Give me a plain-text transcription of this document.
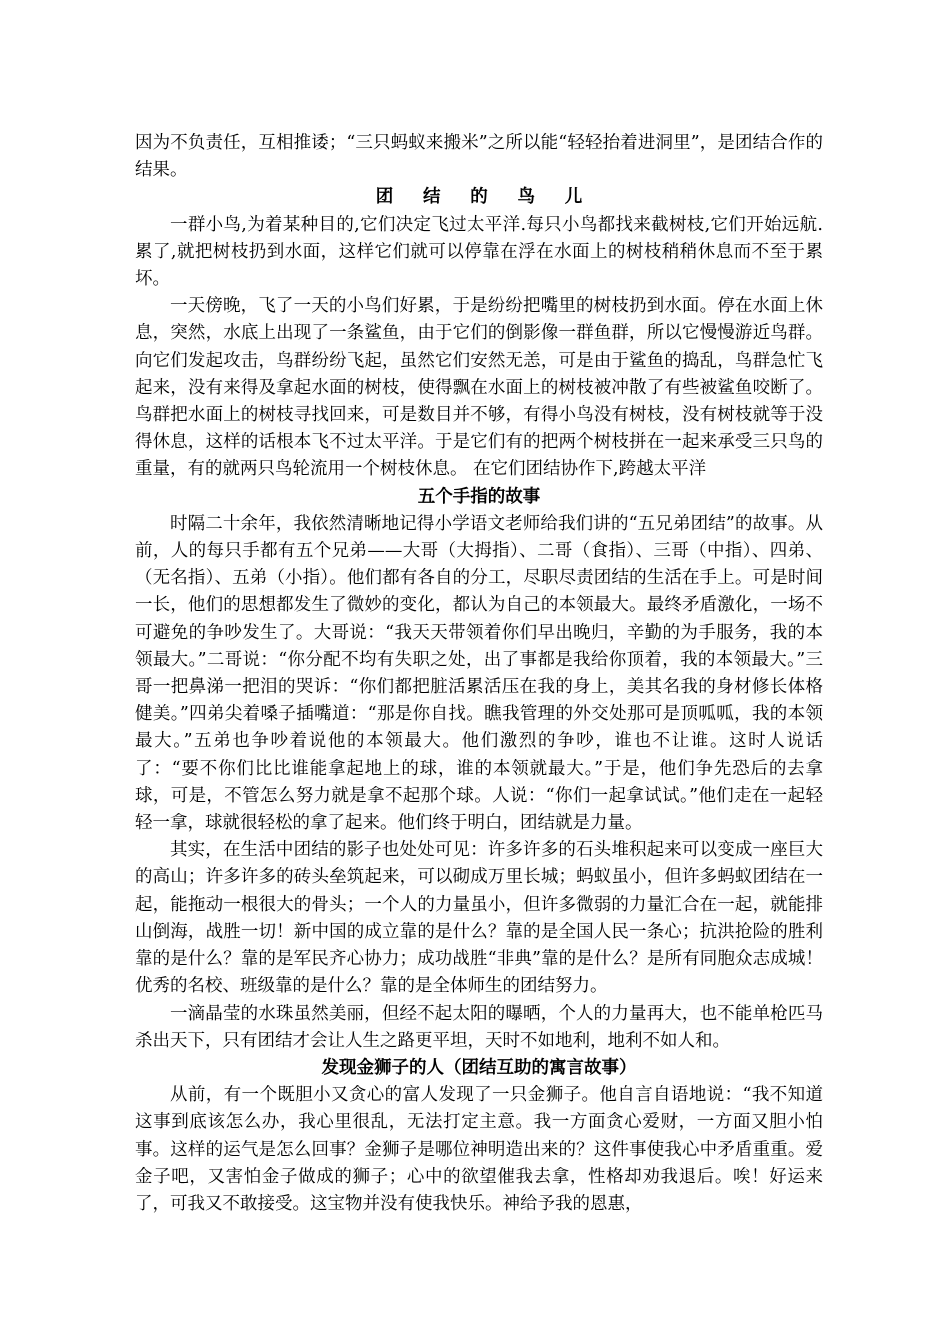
因为不负责任，互相推诿；“三只蚂蚁来搬米”之所以能“轻轻抬着进洞里”，是团结合作的结果。

团结的鸟儿

一群小鸟,为着某种目的,它们决定飞过太平洋.每只小鸟都找来截树枝,它们开始远航.累了,就把树枝扔到水面，这样它们就可以停靠在浮在水面上的树枝稍稍休息而不至于累坏。

一天傍晚，飞了一天的小鸟们好累，于是纷纷把嘴里的树枝扔到水面。停在水面上休息，突然，水底上出现了一条鲨鱼，由于它们的倒影像一群鱼群，所以它慢慢游近鸟群。向它们发起攻击，鸟群纷纷飞起，虽然它们安然无恙，可是由于鲨鱼的捣乱，鸟群急忙飞起来，没有来得及拿起水面的树枝，使得飘在水面上的树枝被冲散了有些被鲨鱼咬断了。鸟群把水面上的树枝寻找回来，可是数目并不够，有得小鸟没有树枝，没有树枝就等于没得休息，这样的话根本飞不过太平洋。于是它们有的把两个树枝拼在一起来承受三只鸟的重量，有的就两只鸟轮流用一个树枝休息。 在它们团结协作下,跨越太平洋

五个手指的故事

时隔二十余年，我依然清晰地记得小学语文老师给我们讲的“五兄弟团结”的故事。从前，人的每只手都有五个兄弟——大哥（大拇指）、二哥（食指）、三哥（中指）、四弟、（无名指）、五弟（小指）。他们都有各自的分工，尽职尽责团结的生活在手上。可是时间一长，他们的思想都发生了微妙的变化，都认为自己的本领最大。最终矛盾激化，一场不可避免的争吵发生了。大哥说：“我天天带领着你们早出晚归，辛勤的为手服务，我的本领最大。”二哥说：“你分配不均有失职之处，出了事都是我给你顶着，我的本领最大。”三哥一把鼻涕一把泪的哭诉：“你们都把脏活累活压在我的身上，美其名我的身材修长体格健美。”四弟尖着嗓子插嘴道：“那是你自找。瞧我管理的外交处那可是顶呱呱，我的本领最大。”五弟也争吵着说他的本领最大。他们激烈的争吵，谁也不让谁。这时人说话了：“要不你们比比谁能拿起地上的球，谁的本领就最大。”于是，他们争先恐后的去拿球，可是，不管怎么努力就是拿不起那个球。人说：“你们一起拿试试。”他们走在一起轻轻一拿，球就很轻松的拿了起来。他们终于明白，团结就是力量。

其实，在生活中团结的影子也处处可见：许多许多的石头堆积起来可以变成一座巨大的高山；许多许多的砖头垒筑起来，可以砌成万里长城；蚂蚁虽小，但许多蚂蚁团结在一起，能拖动一根很大的骨头；一个人的力量虽小，但许多微弱的力量汇合在一起，就能排山倒海，战胜一切！新中国的成立靠的是什么？靠的是全国人民一条心；抗洪抢险的胜利靠的是什么？靠的是军民齐心协力；成功战胜“非典”靠的是什么？是所有同胞众志成城！优秀的名校、班级靠的是什么？靠的是全体师生的团结努力。

一滴晶莹的水珠虽然美丽，但经不起太阳的曝晒，个人的力量再大，也不能单枪匹马杀出天下，只有团结才会让人生之路更平坦，天时不如地利，地利不如人和。

发现金狮子的人（团结互助的寓言故事）

从前，有一个既胆小又贪心的富人发现了一只金狮子。他自言自语地说：“我不知道这事到底该怎么办，我心里很乱，无法打定主意。我一方面贪心爱财，一方面又胆小怕事。这样的运气是怎么回事？金狮子是哪位神明造出来的？这件事使我心中矛盾重重。爱金子吧，又害怕金子做成的狮子；心中的欲望催我去拿，性格却劝我退后。唉！好运来了，可我又不敢接受。这宝物并没有使我快乐。神给予我的恩惠，
